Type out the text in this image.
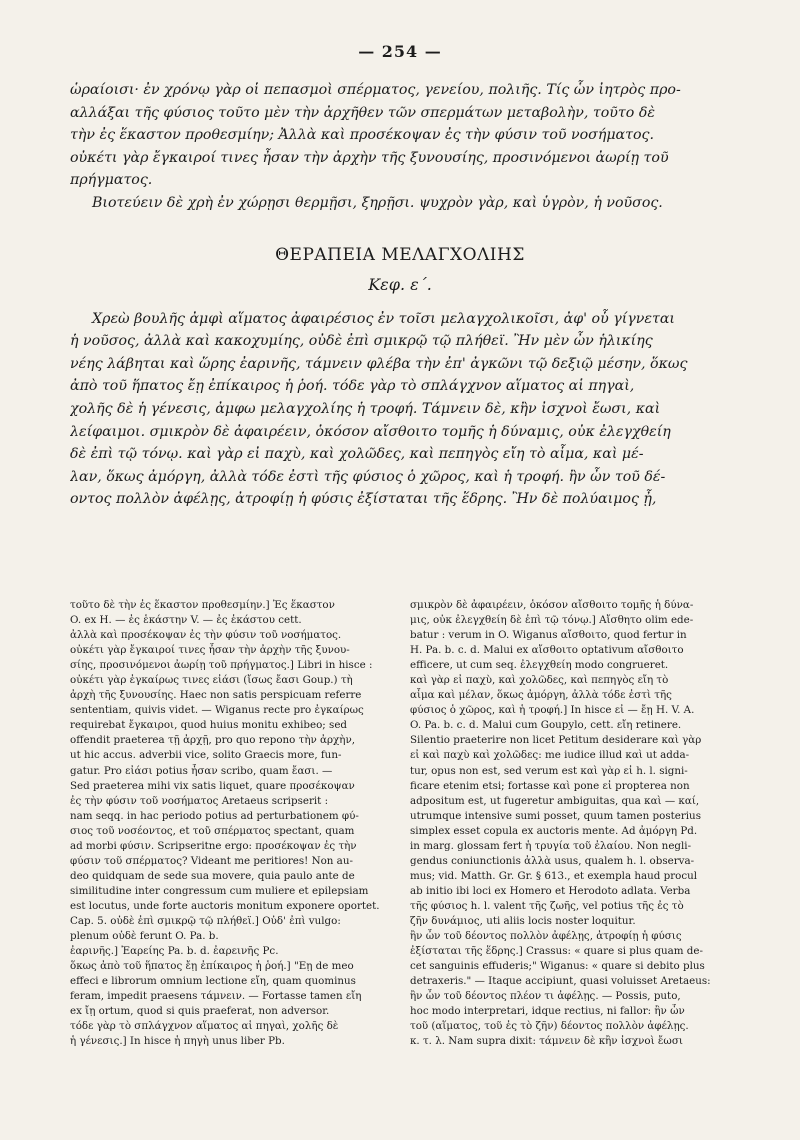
— 254 —
ὡραίοισι· ἐν χρόνῳ γὰρ οἱ πεπασμοὶ σπέρματος, γενείου, πολιῆς. Τίς ὧν ἰητρὸς προ-
αλλάξαι τῆς φύσιος τοῦτο μὲν τὴν ἀρχῆθεν τῶν σπερμάτων μεταβολὴν, τοῦτο δὲ
τὴν ἐς ἕκαστον προθεσμίην; Ἀλλὰ καὶ προσέκοψαν ἐς τὴν φύσιν τοῦ νοσήματος.
οὐκέτι γὰρ ἔγκαιροί τινες ἦσαν τὴν ἀρχὴν τῆς ξυνουσίης, προσινόμενοι ἀωρίῃ τοῦ
πρήγματος.
Βιοτεύειν δὲ χρὴ ἐν χώρῃσι θερμῇσι, ξηρῇσι. ψυχρὸν γὰρ, καὶ ὑγρὸν, ἡ νοῦσος.
ΘΕΡΑΠΕΙΑ ΜΕΛΑΓΧΟΛΙΗΣ
Κεφ. ε΄.
Χρεὼ βουλῆς ἀμφὶ αἵματος ἀφαιρέσιος ἐν τοῖσι μελαγχολικοῖσι, ἀφ' οὗ γίγνεται
ἡ νοῦσος, ἀλλὰ καὶ κακοχυμίης, οὐδὲ ἐπὶ σμικρῷ τῷ πλήθεϊ. Ἢν μὲν ὦν ἡλικίης
νέης λάβηται καὶ ὥρης ἐαρινῆς, τάμνειν φλέβα τὴν ἐπ' ἀγκῶνι τῷ δεξιῷ μέσην, ὅκως
ἀπὸ τοῦ ἥπατος ἔῃ ἐπίκαιρος ἡ ῥοή. τόδε γὰρ τὸ σπλάγχνον αἵματος αἱ πηγαὶ,
χολῆς δὲ ἡ γένεσις, ἀμφω μελαγχολίης ἡ τροφή. Τάμνειν δὲ, κἢν ἰσχνοὶ ἔωσι, καὶ
λείφαιμοι. σμικρὸν δὲ ἀφαιρέειν, ὁκόσον αἴσθοιτο τομῆς ἡ δύναμις, οὐκ ἐλεγχθείη
δὲ ἐπὶ τῷ τόνῳ. καὶ γὰρ εἰ παχὺ, καὶ χολῶδες, καὶ πεπηγὸς εἴη τὸ αἷμα, καὶ μέ-
λαν, ὅκως ἀμόργη, ἀλλὰ τόδε ἐστὶ τῆς φύσιος ὁ χῶρος, καὶ ἡ τροφή. ἢν ὦν τοῦ δέ-
οντος πολλὸν ἀφέλῃς, ἀτροφίῃ ἡ φύσις ἐξίσταται τῆς ἕδρης. Ἢν δὲ πολύαιμος ᾖ,
τοῦτο δὲ τὴν ἐς ἕκαστον προθεσμίην.] Ἐς ἕκαστον
O. ex H. — ἐς ἑκάστην V. — ἐς ἑκάστου cett.
ἀλλὰ καὶ προσέκοψαν ἐς τὴν φύσιν τοῦ νοσήματος.
οὐκέτι γὰρ ἔγκαιροί τινες ἦσαν τὴν ἀρχὴν τῆς ξυνου-
σίης, προσινόμενοι ἀωρίῃ τοῦ πρήγματος.] Libri in hisce :
οὐκέτι γὰρ ἐγκαίρως τινες εἰάσι (ἴσως ἔασι Goup.) τὴ
ἀρχὴ τῆς ξυνουσίης. Haec non satis perspicuam referre
sententiam, quivis videt. — Wiganus recte pro ἐγκαίρως
requirebat ἔγκαιροι, quod huius monitu exhibeo; sed
offendit praeterea τῇ ἀρχῇ, pro quo repono τὴν ἀρχὴν,
ut hic accus. adverbii vice, solito Graecis more, fun-
gatur. Pro εἰάσι potius ἦσαν scribo, quam ἔασι. —
Sed praeterea mihi vix satis liquet, quare προσέκοψαν
ἐς τὴν φύσιν τοῦ νοσήματος Aretaeus scripserit :
nam seqq. in hac periodo potius ad perturbationem φύ-
σιος τοῦ νοσέοντος, et τοῦ σπέρματος spectant, quam
ad morbi φύσιν. Scripseritne ergo: προσέκοψαν ἐς τὴν
φύσιν τοῦ σπέρματος? Videant me peritiores! Non au-
deo quidquam de sede sua movere, quia paulo ante de
similitudine inter congressum cum muliere et epilepsiam
est locutus, unde forte auctoris monitum exponere oportet.
Cap. 5. οὐδὲ ἐπὶ σμικρῷ τῷ πλήθεϊ.] Οὐδ' ἐπὶ vulgo:
plenum οὐδὲ ferunt O. Pa. b.
ἐαρινῆς.] Ἐαρείης Pa. b. d. ἐαρεινῆς Pc.
ὅκως ἀπὸ τοῦ ἥπατος ἔῃ ἐπίκαιρος ἡ ῥοή.] "Εῃ de meo
effeci e librorum omnium lectione εἴη, quam quominus
feram, impedit praesens τάμνειν. — Fortasse tamen εἴη
ex ἴῃ ortum, quod si quis praeferat, non adversor.
τόδε γὰρ τὸ σπλάγχνον αἵματος αἱ πηγαὶ, χολῆς δὲ
ἡ γένεσις.] In hisce ἡ πηγὴ unus liber Pb.
σμικρὸν δὲ ἀφαιρέειν, ὁκόσον αἴσθοιτο τομῆς ἡ δύνα-
μις, οὐκ ἐλεγχθείη δὲ ἐπὶ τῷ τόνῳ.] Αἴσθητο olim ede-
batur : verum in O. Wiganus αἴσθοιτο, quod fertur in
H. Pa. b. c. d. Malui ex αἴσθοιτο optativum αἴσθοιτο
efficere, ut cum seq. ἐλεγχθείη modo congrueret.
καὶ γὰρ εἰ παχὺ, καὶ χολῶδες, καὶ πεπηγὸς εἴη τὸ
αἷμα καὶ μέλαν, ὅκως ἀμόργη, ἀλλὰ τόδε ἐστὶ τῆς
φύσιος ὁ χῶρος, καὶ ἡ τροφή.] In hisce εἰ — ἔῃ H. V. A.
O. Pa. b. c. d. Malui cum Goupylo, cett. εἴη retinere.
Silentio praeterire non licet Petitum desiderare καὶ γὰρ
εἰ καὶ παχὺ καὶ χολῶδες: me iudice illud καὶ ut adda-
tur, opus non est, sed verum est καὶ γὰρ εἰ h. l. signi-
ficare etenim etsi; fortasse καὶ pone εἰ propterea non
adpositum est, ut fugeretur ambiguitas, qua καὶ — καί,
utrumque intensive sumi posset, quum tamen posterius
simplex esset copula ex auctoris mente. Ad ἀμόργη Pd.
in marg. glossam fert ἡ τρυγία τοῦ ἐλαίου. Non negli-
gendus coniunctionis ἀλλὰ usus, qualem h. l. observa-
mus; vid. Matth. Gr. Gr. § 613., et exempla haud procul
ab initio ibi loci ex Homero et Herodoto adlata. Verba
τῆς φύσιος h. l. valent τῆς ζωῆς, vel potius τῆς ἐς τὸ
ζῆν δυνάμιος, uti aliis locis noster loquitur.
ἢν ὦν τοῦ δέοντος πολλὸν ἀφέλῃς, ἀτροφίῃ ἡ φύσις
ἐξίσταται τῆς ἕδρης.] Crassus: « quare si plus quam de-
cet sanguinis effuderis;" Wiganus: « quare si debito plus
detraxeris." — Itaque accipiunt, quasi voluisset Aretaeus:
ἢν ὦν τοῦ δέοντος πλέον τι ἀφέλῃς. — Possis, puto,
hoc modo interpretari, idque rectius, ni fallor: ἢν ὦν
τοῦ (αἵματος, τοῦ ἐς τὸ ζῆν) δέοντος πολλὸν ἀφέλῃς.
κ. τ. λ. Nam supra dixit: τάμνειν δὲ κἢν ἰσχνοὶ ἔωσι
